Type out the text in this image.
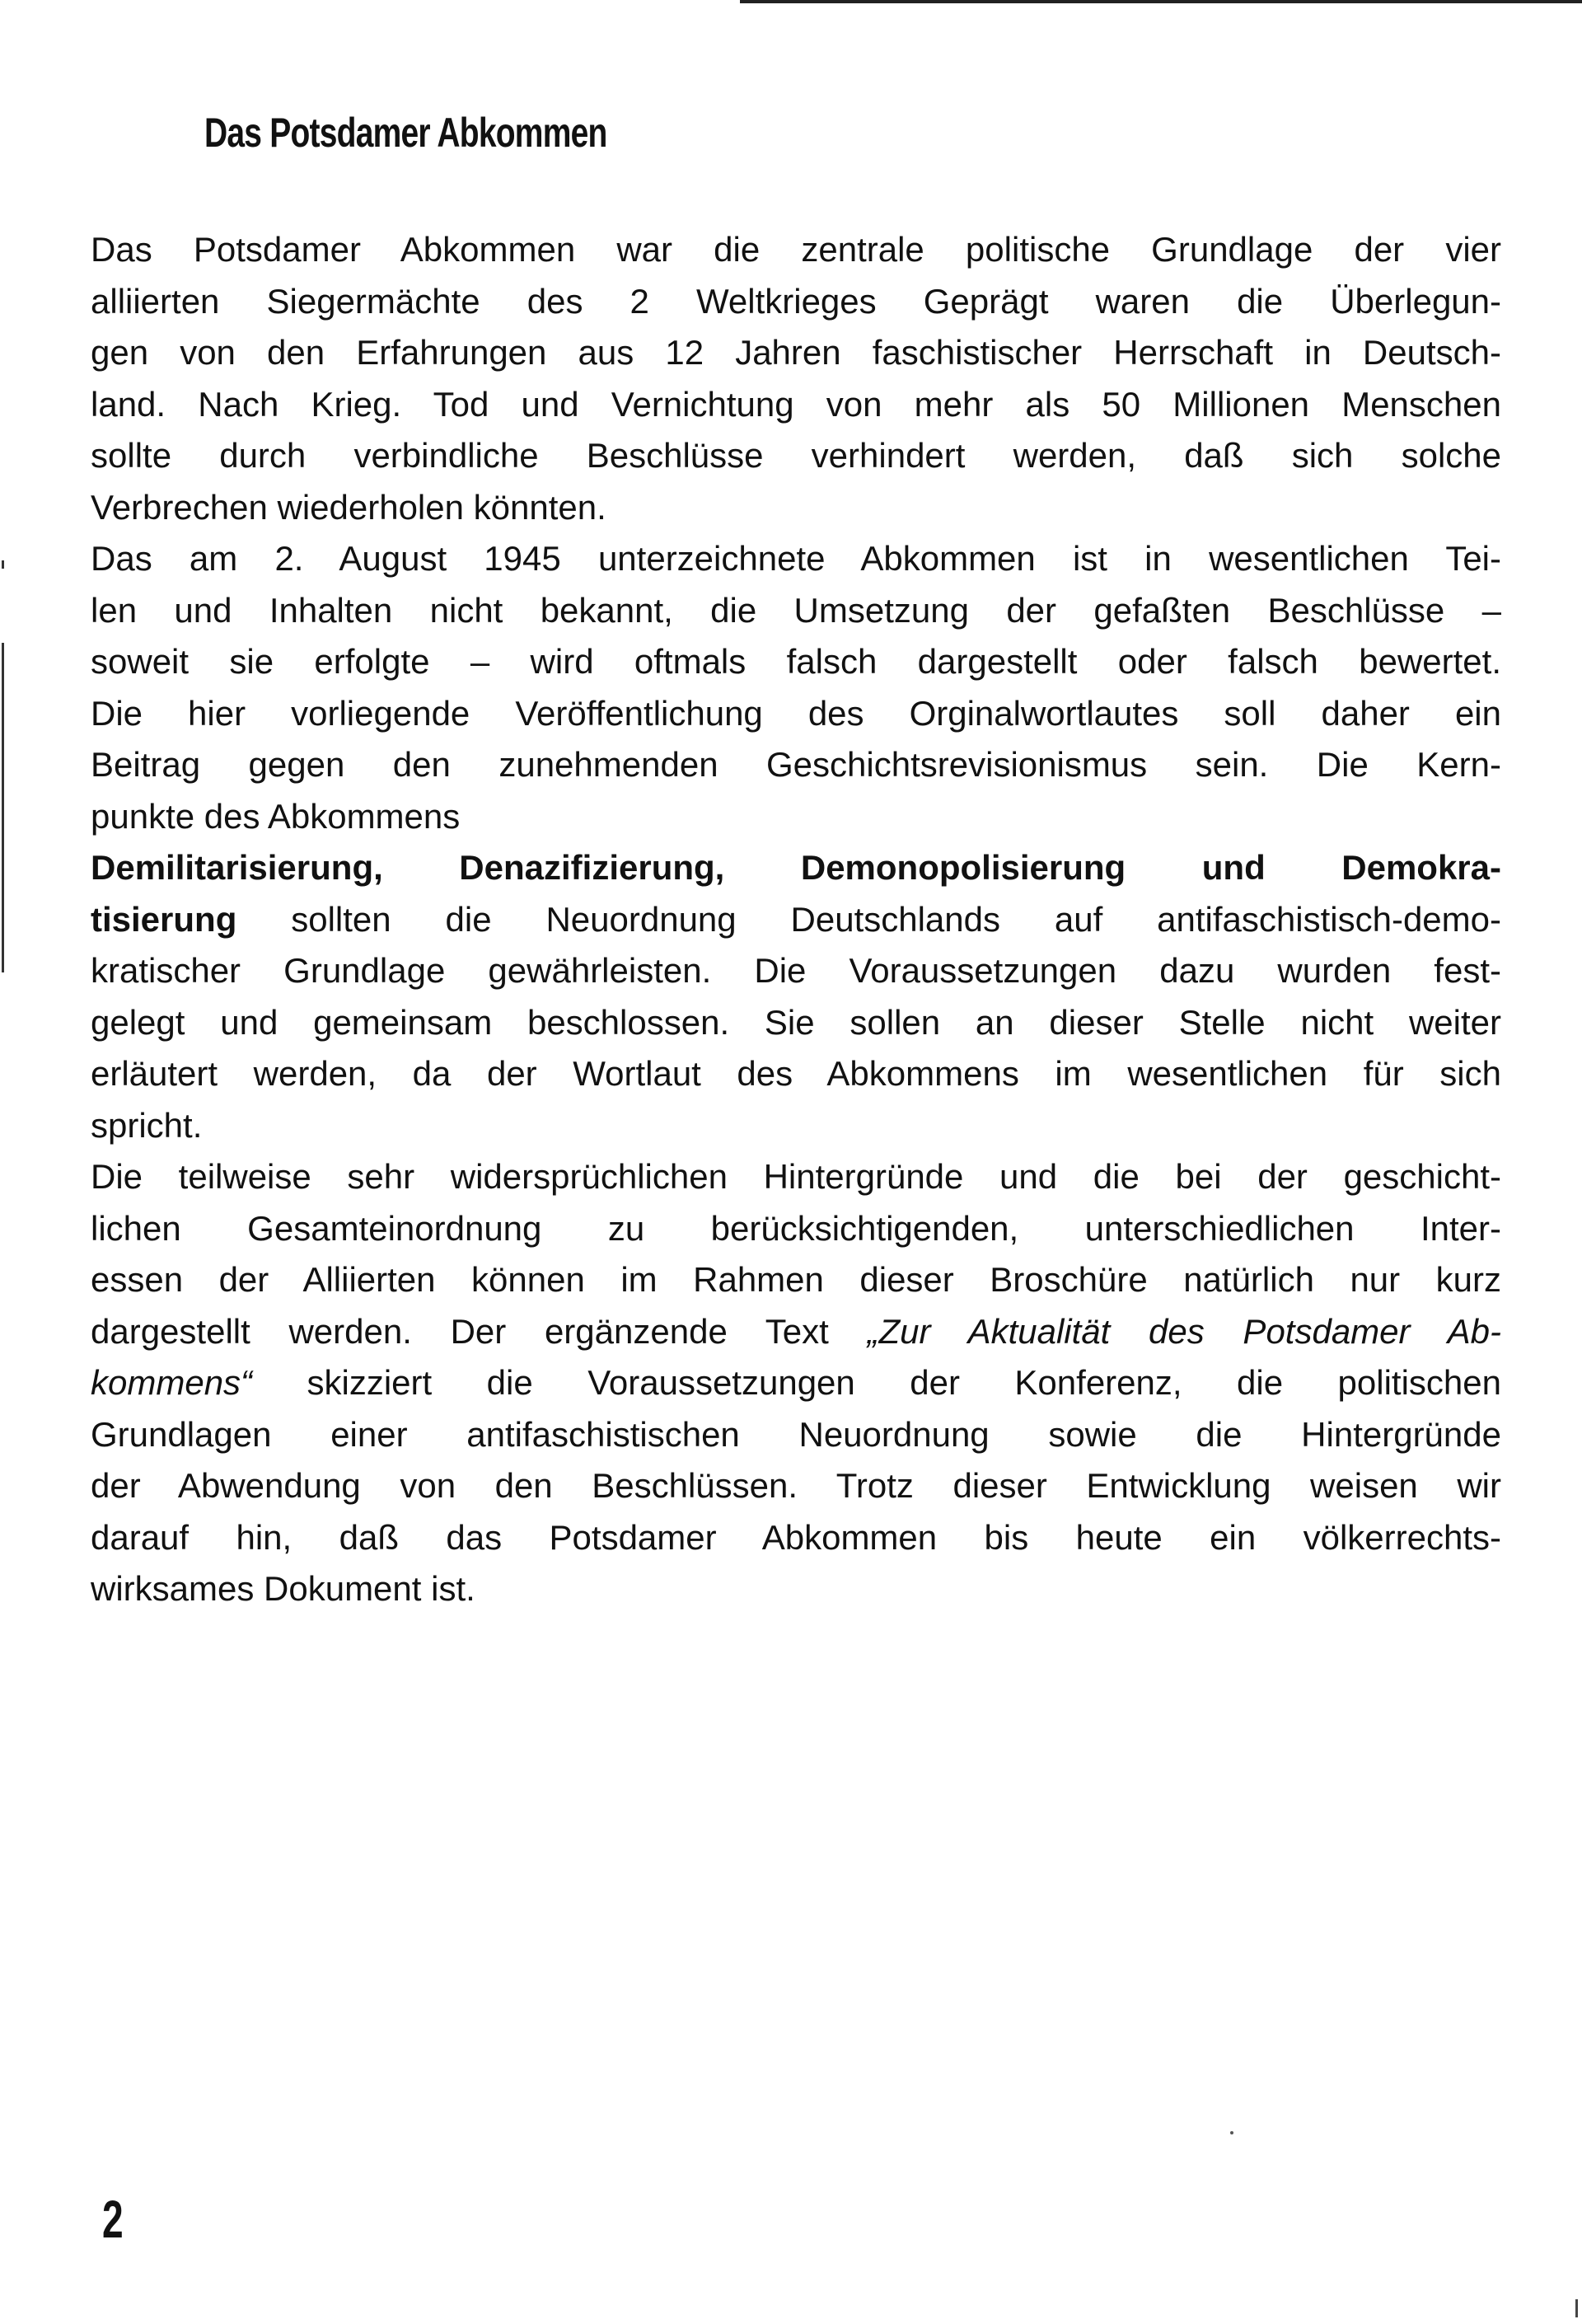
Das Potsdamer Abkommen
Das Potsdamer Abkommen war die zentrale politische Grundlage der vier
alliierten Siegermächte des 2 Weltkrieges Geprägt waren die Überlegun-
gen von den Erfahrungen aus 12 Jahren faschistischer Herrschaft in Deutsch-
land. Nach Krieg. Tod und Vernichtung von mehr als 50 Millionen Menschen
sollte durch verbindliche Beschlüsse verhindert werden, daß sich solche
Verbrechen wiederholen könnten.
Das am 2. August 1945 unterzeichnete Abkommen ist in wesentlichen Tei-
len und Inhalten nicht bekannt, die Umsetzung der gefaßten Beschlüsse –
soweit sie erfolgte – wird oftmals falsch dargestellt oder falsch bewertet.
Die hier vorliegende Veröffentlichung des Orginalwortlautes soll daher ein
Beitrag gegen den zunehmenden Geschichtsrevisionismus sein. Die Kern-
punkte des Abkommens
Demilitarisierung, Denazifizierung, Demonopolisierung und Demokra-
tisierung sollten die Neuordnung Deutschlands auf antifaschistisch-demo-
kratischer Grundlage gewährleisten. Die Voraussetzungen dazu wurden fest-
gelegt und gemeinsam beschlossen. Sie sollen an dieser Stelle nicht weiter
erläutert werden, da der Wortlaut des Abkommens im wesentlichen für sich
spricht.
Die teilweise sehr widersprüchlichen Hintergründe und die bei der geschicht-
lichen Gesamteinordnung zu berücksichtigenden, unterschiedlichen Inter-
essen der Alliierten können im Rahmen dieser Broschüre natürlich nur kurz
dargestellt werden. Der ergänzende Text „Zur Aktualität des Potsdamer Ab-
kommens“ skizziert die Voraussetzungen der Konferenz, die politischen
Grundlagen einer antifaschistischen Neuordnung sowie die Hintergründe
der Abwendung von den Beschlüssen. Trotz dieser Entwicklung weisen wir
darauf hin, daß das Potsdamer Abkommen bis heute ein völkerrechts-
wirksames Dokument ist.
2
